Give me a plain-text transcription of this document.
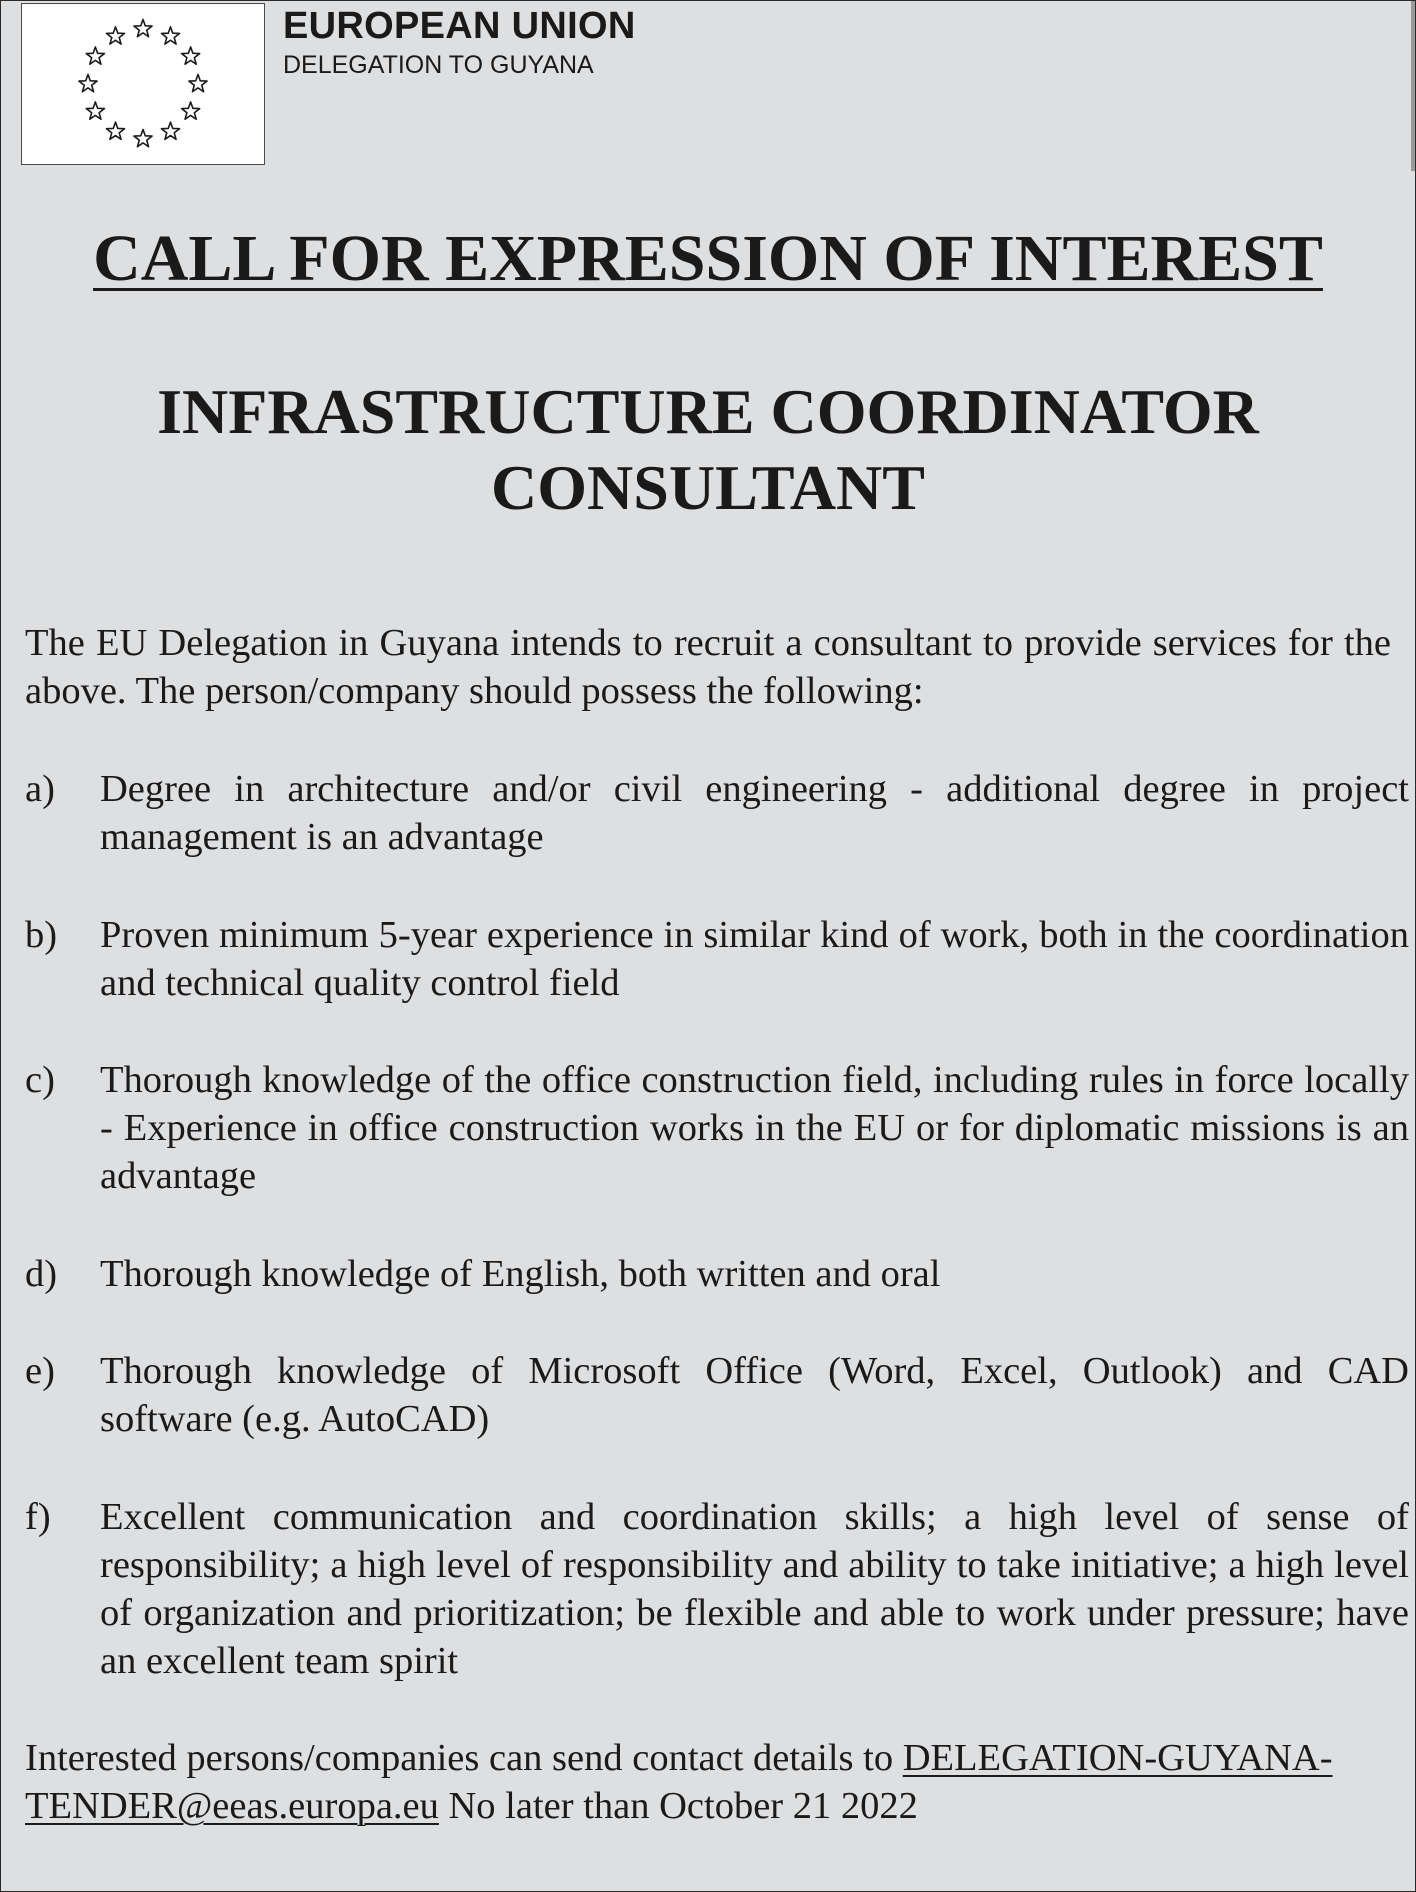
EUROPEAN UNION
DELEGATION TO GUYANA
CALL FOR EXPRESSION OF INTEREST
INFRASTRUCTURE COORDINATOR
CONSULTANT
The EU Delegation in Guyana intends to recruit a consultant to provide services for the above. The person/company should possess the following:
a) Degree in architecture and/or civil engineering - additional degree in project management is an advantage
b) Proven minimum 5-year experience in similar kind of work, both in the coordination and technical quality control field
c) Thorough knowledge of the office construction field, including rules in force locally - Experience in office construction works in the EU or for diplomatic missions is an advantage
d) Thorough knowledge of English, both written and oral
e) Thorough knowledge of Microsoft Office (Word, Excel, Outlook) and CAD software (e.g. AutoCAD)
f) Excellent communication and coordination skills; a high level of sense of responsibility; a high level of responsibility and ability to take initiative; a high level of organization and prioritization; be flexible and able to work under pressure; have an excellent team spirit
Interested persons/companies can send contact details to DELEGATION-GUYANA-TENDER@eeas.europa.eu No later than October 21 2022
